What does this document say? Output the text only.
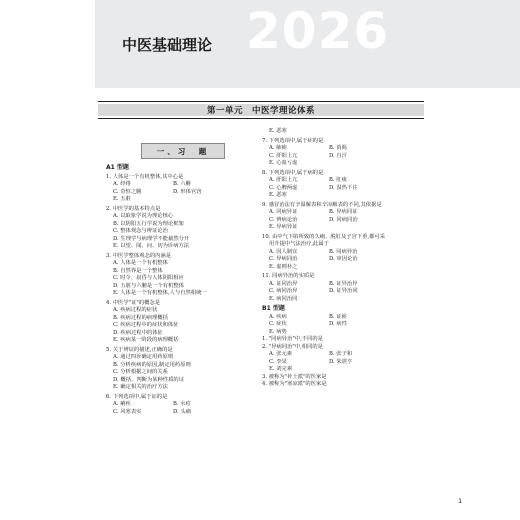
2026
中医基础理论
第一单元　中医学理论体系
一、习　题
A1 型题
1. 人体是一个有机整体,其中心是
A. 经络	B. 六腑
C. 奇恒之腑	D. 形体官窍
E. 五脏
2. 中医学的基本特点是
A. 以取象学说为理论核心
B. 以阴阳五行学说为理论框架
C. 整体观念与辨证论治
D. 生理学与病理学不能截然分开
E. 以望、闻、问、切为诊病方法
3. 中医学整体观念的内涵是
A. 人体是一个有机整体
B. 自然界是一个整体
C. 时令、晨昏与人体阴阳相应
D. 五脏与六腑是一个有机整体
E. 人体是一个有机整体,人与自然相统一
4. 中医学"证"的概念是
A. 疾病过程的症状
B. 疾病过程的病理概括
C. 疾病过程中的症状和体征
D. 疾病过程中的体征
E. 疾病某一阶段的病理概括
5. 关于辨证的描述,正确的是
A. 通过四诊确定用药原则
B. 分析疾病的原因,制定用药原则
C. 分析根据之间的关系
D. 概括、判断为某种性质的证
E. 确定相关的治疗方法
6. 下列选项中,属于证的是
A. 痢疾	B. 水痘
C. 风寒表实	D. 头痛
E. 恶寒
7. 下列选项中,属于症的是
A. 肺痈	B. 消渴
C. 肝阳上亢	D. 自汗
E. 心血亏虚
8. 下列选项中,属于病的是
A. 肝阳上亢	B. 肛痰
C. 心脾两虚	D. 湿热下注
E. 恶寒
9. 感冒治法有辛温解表和辛凉解表的不同,其依据是
A. 同病异证	B. 异病同证
C. 辨病论治	D. 同病同治
E. 异病异证
10. 由中气下陷所致的久痢、脱肛及子宫下垂,都可采
用升提中气法治疗,此属于
A. 因人制宜	B. 同病异治
C. 异病同治	D. 审因论治
E. 虚则补之
11. 同病异治的实质是
A. 证同治异	B. 证异治异
C. 病同治异	D. 证异治同
E. 病同治同
B1 型题
A. 疾病	B. 证候
C. 症状	D. 病性
E. 病势
1. "同病异治"中,不同的是
2. "异病同治"中,相同的是
A. 张元素	B. 张子和
C. 李杲	D. 朱震亨
E. 刘完素
3. 被称为"补土派"的医家是
4. 被称为"寒凉派"的医家是
1
